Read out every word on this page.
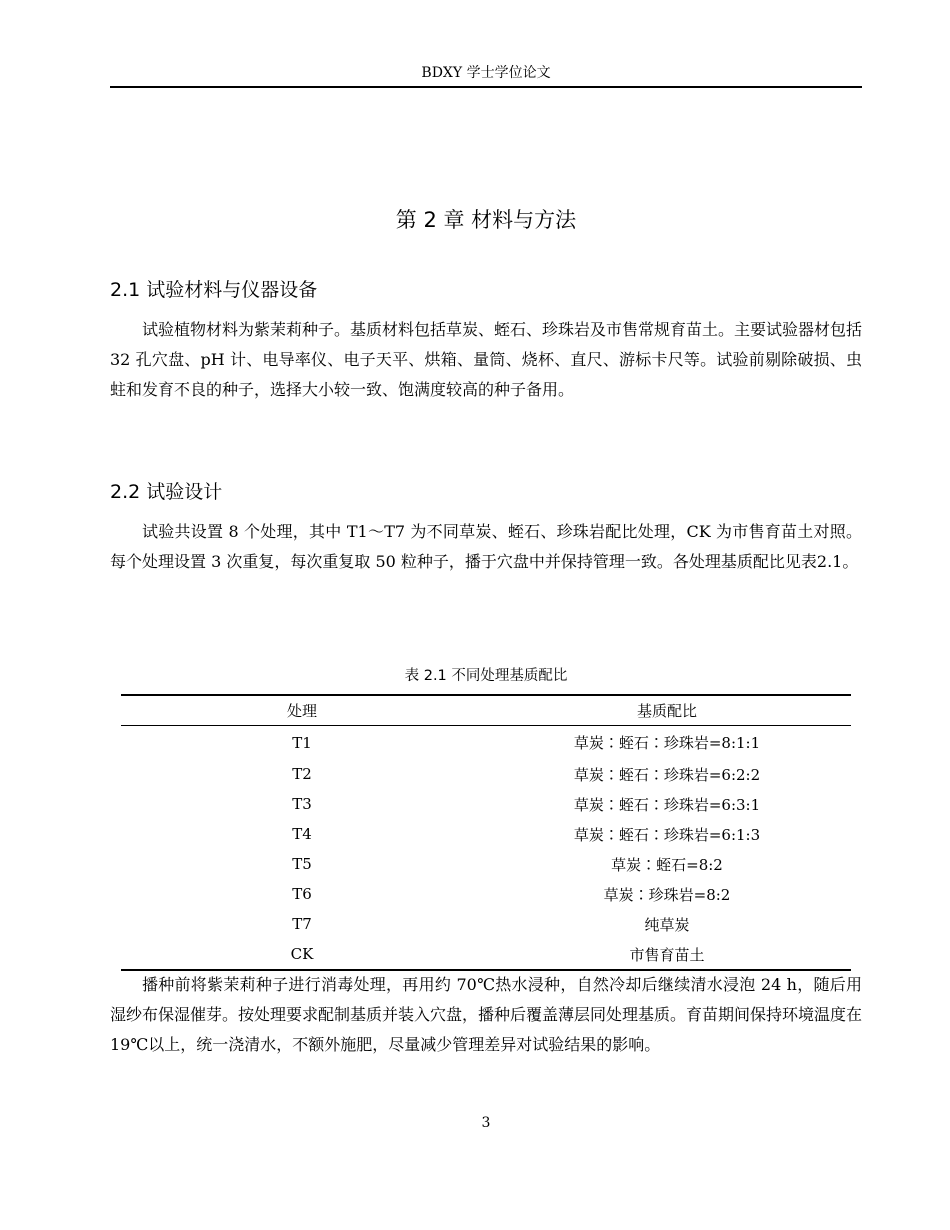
BDXY 学士学位论文
第 2 章 材料与方法
2.1 试验材料与仪器设备

试验植物材料为紫茉莉种子。基质材料包括草炭、蛭石、珍珠岩及市售常规育苗土。主要试验器材包括 32 孔穴盘、pH 计、电导率仪、电子天平、烘箱、量筒、烧杯、直尺、游标卡尺等。试验前剔除破损、虫蛀和发育不良的种子，选择大小较一致、饱满度较高的种子备用。

2.2 试验设计

试验共设置 8 个处理，其中 T1～T7 为不同草炭、蛭石、珍珠岩配比处理，CK 为市售育苗土对照。每个处理设置 3 次重复，每次重复取 50 粒种子，播于穴盘中并保持管理一致。各处理基质配比见表2.1。

表 2.1 不同处理基质配比
处理	基质配比
T1	草炭∶蛭石∶珍珠岩=8:1:1
T2	草炭∶蛭石∶珍珠岩=6:2:2
T3	草炭∶蛭石∶珍珠岩=6:3:1
T4	草炭∶蛭石∶珍珠岩=6:1:3
T5	草炭∶蛭石=8:2
T6	草炭∶珍珠岩=8:2
T7	纯草炭
CK	市售育苗土

播种前将紫茉莉种子进行消毒处理，再用约 70℃热水浸种，自然冷却后继续清水浸泡 24 h，随后用湿纱布保湿催芽。按处理要求配制基质并装入穴盘，播种后覆盖薄层同处理基质。育苗期间保持环境温度在 19℃以上，统一浇清水，不额外施肥，尽量减少管理差异对试验结果的影响。

3
